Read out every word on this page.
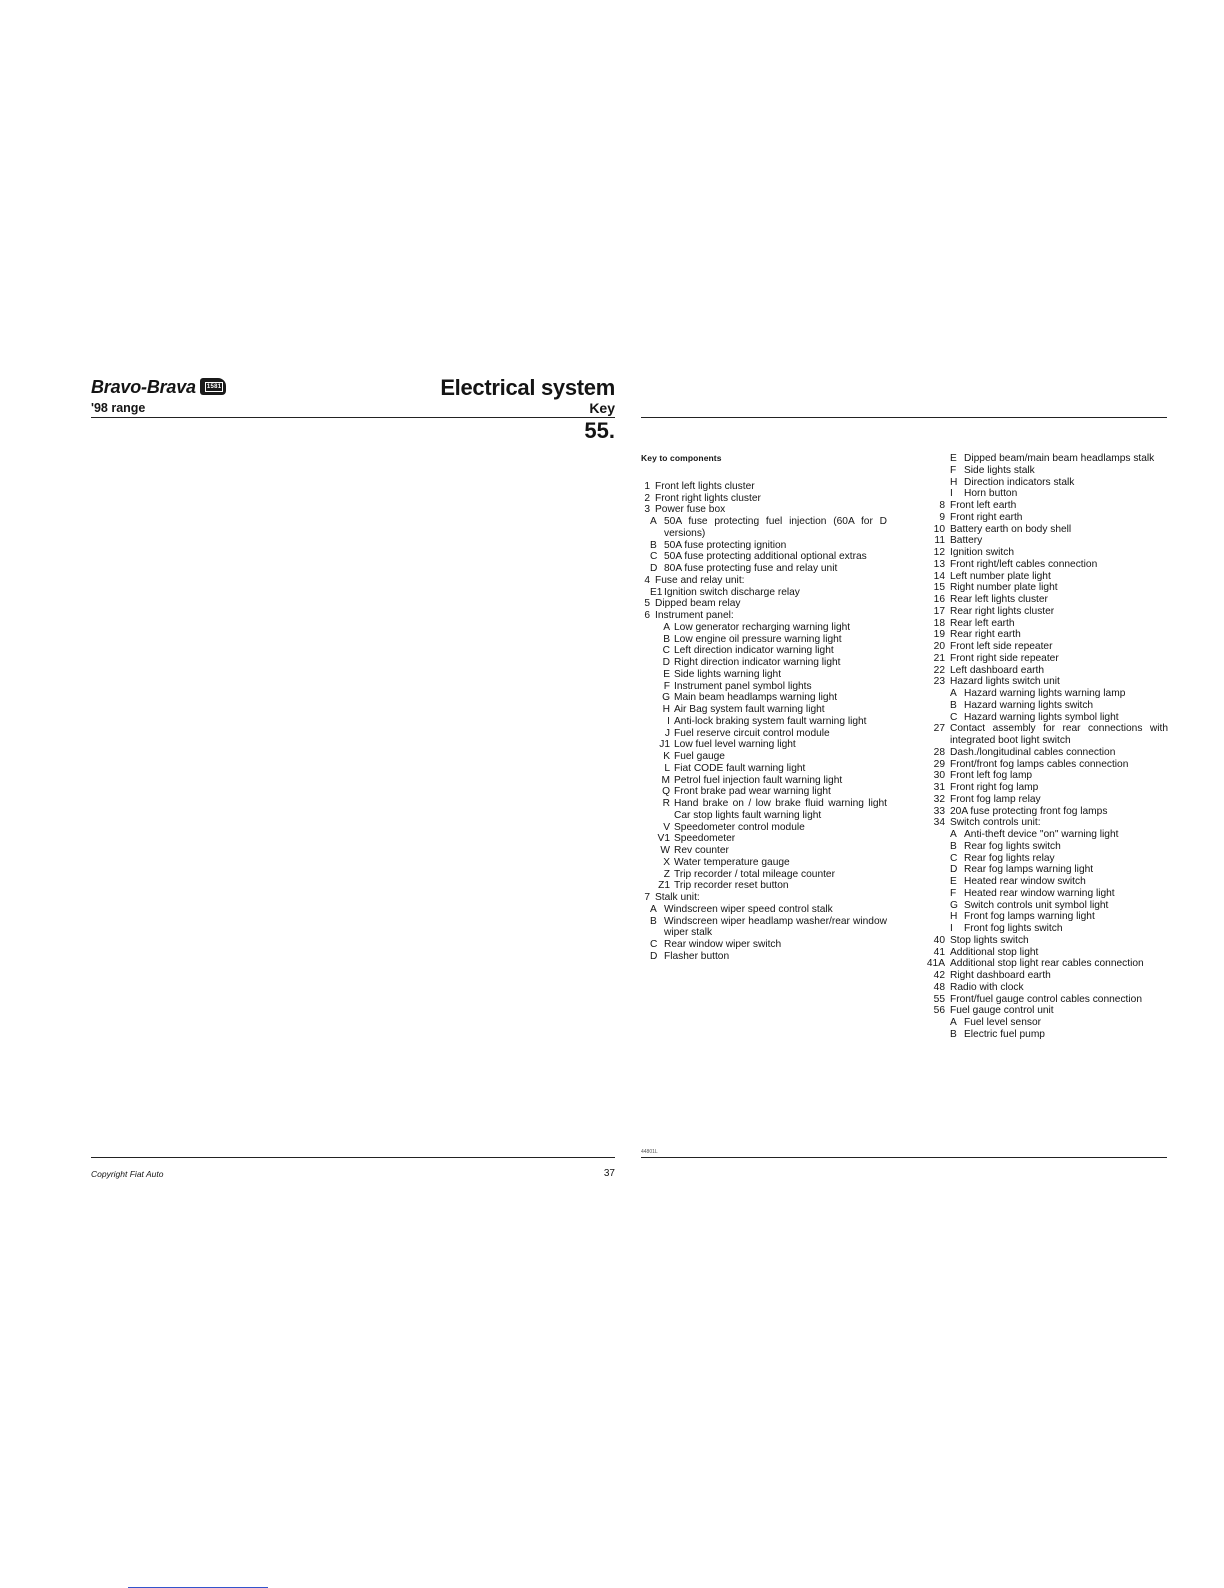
Bravo-Brava	1581
'98 range
Electrical system
Key
55.
Key to components
1 Front left lights cluster
2 Front right lights cluster
3 Power fuse box
A 50A fuse protecting fuel injection (60A for D versions)
B 50A fuse protecting ignition
C 50A fuse protecting additional optional extras
D 80A fuse protecting fuse and relay unit
4 Fuse and relay unit:
E1 Ignition switch discharge relay
5 Dipped beam relay
6 Instrument panel:
A Low generator recharging warning light
B Low engine oil pressure warning light
C Left direction indicator warning light
D Right direction indicator warning light
E Side lights warning light
F Instrument panel symbol lights
G Main beam headlamps warning light
H Air Bag system fault warning light
I Anti-lock braking system fault warning light
J Fuel reserve circuit control module
J1 Low fuel level warning light
K Fuel gauge
L Fiat CODE fault warning light
M Petrol fuel injection fault warning light
Q Front brake pad wear warning light
R Hand brake on / low brake fluid warning light Car stop lights fault warning light
V Speedometer control module
V1 Speedometer
W Rev counter
X Water temperature gauge
Z Trip recorder / total mileage counter
Z1 Trip recorder reset button
7 Stalk unit:
A Windscreen wiper speed control stalk
B Windscreen wiper headlamp washer/rear window wiper stalk
C Rear window wiper switch
D Flasher button
E Dipped beam/main beam headlamps stalk
F Side lights stalk
H Direction indicators stalk
I	Horn button
8 Front left earth
9 Front right earth
10 Battery earth on body shell
11 Battery
12 Ignition switch
13 Front right/left cables connection
14 Left number plate light
15 Right number plate light
16 Rear left lights cluster
17 Rear right lights cluster
18 Rear left earth
19 Rear right earth
20 Front left side repeater
21 Front right side repeater
22 Left dashboard earth
23 Hazard lights switch unit
A Hazard warning lights warning lamp
B Hazard warning lights switch
C Hazard warning lights symbol light
27 Contact assembly for rear connections with integrated boot light switch
28 Dash./longitudinal cables connection
29 Front/front fog lamps cables connection
30 Front left fog lamp
31 Front right fog lamp
32 Front fog lamp relay
33 20A fuse protecting front fog lamps
34 Switch controls unit:
A Anti-theft device "on" warning light
B Rear fog lights switch
C Rear fog lights relay
D Rear fog lamps warning light
E Heated rear window switch
F Heated rear window warning light
G Switch controls unit symbol light
H Front fog lamps warning light
I	Front fog lights switch
40 Stop lights switch
41 Additional stop light
41A Additional stop light rear cables connection
42 Right dashboard earth
48 Radio with clock
55 Front/fuel gauge control cables connection
56 Fuel gauge control unit
A Fuel level sensor
B Electric fuel pump
44801L
Copyright Fiat Auto	37
